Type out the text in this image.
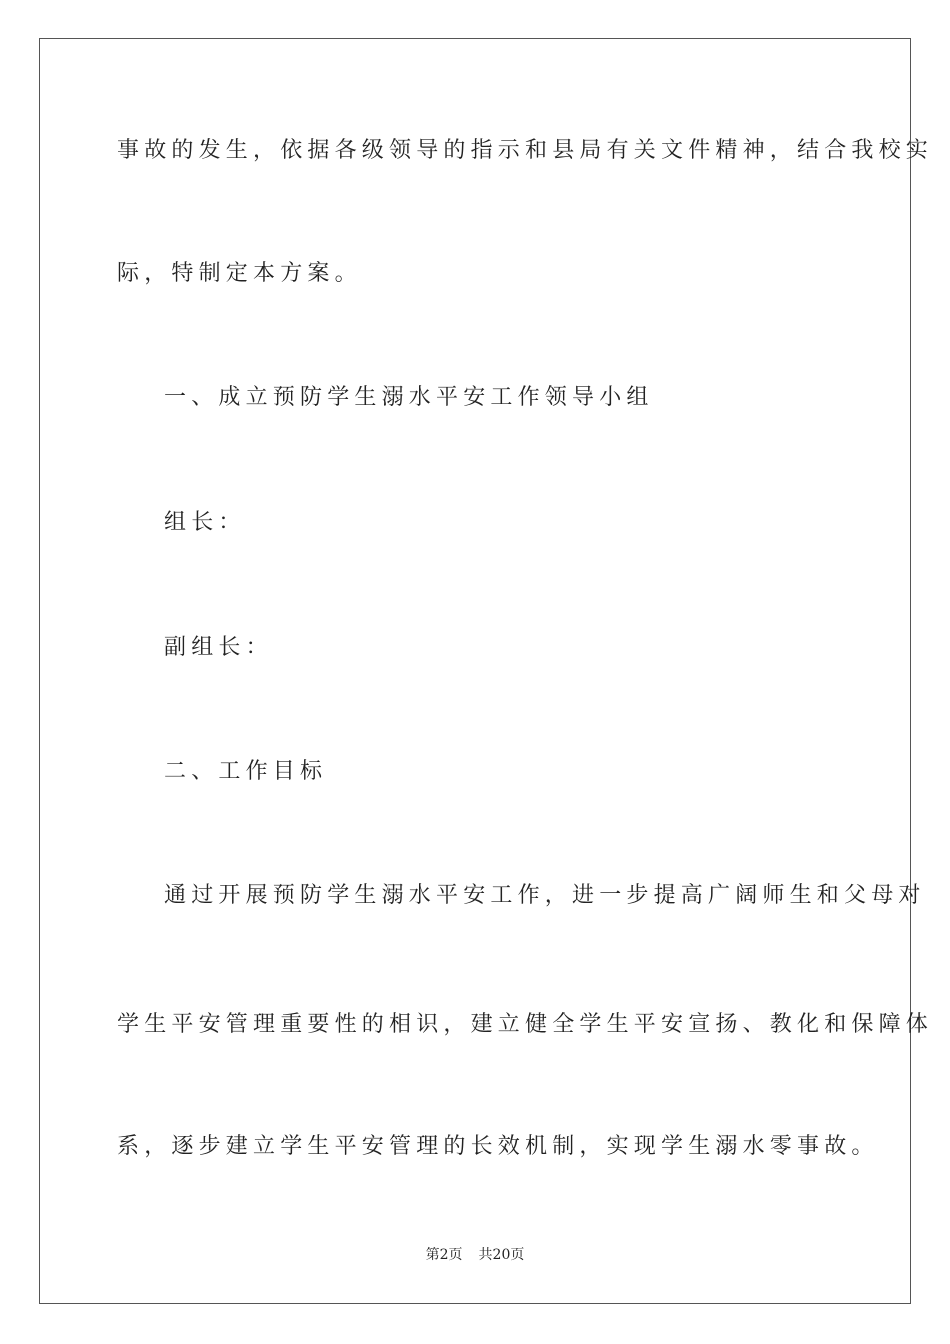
事故的发生，依据各级领导的指示和县局有关文件精神，结合我校实
际，特制定本方案。
一、成立预防学生溺水平安工作领导小组
组长：
副组长：
二、工作目标
通过开展预防学生溺水平安工作，进一步提高广阔师生和父母对
学生平安管理重要性的相识，建立健全学生平安宣扬、教化和保障体
系，逐步建立学生平安管理的长效机制，实现学生溺水零事故。
第2页 共20页
